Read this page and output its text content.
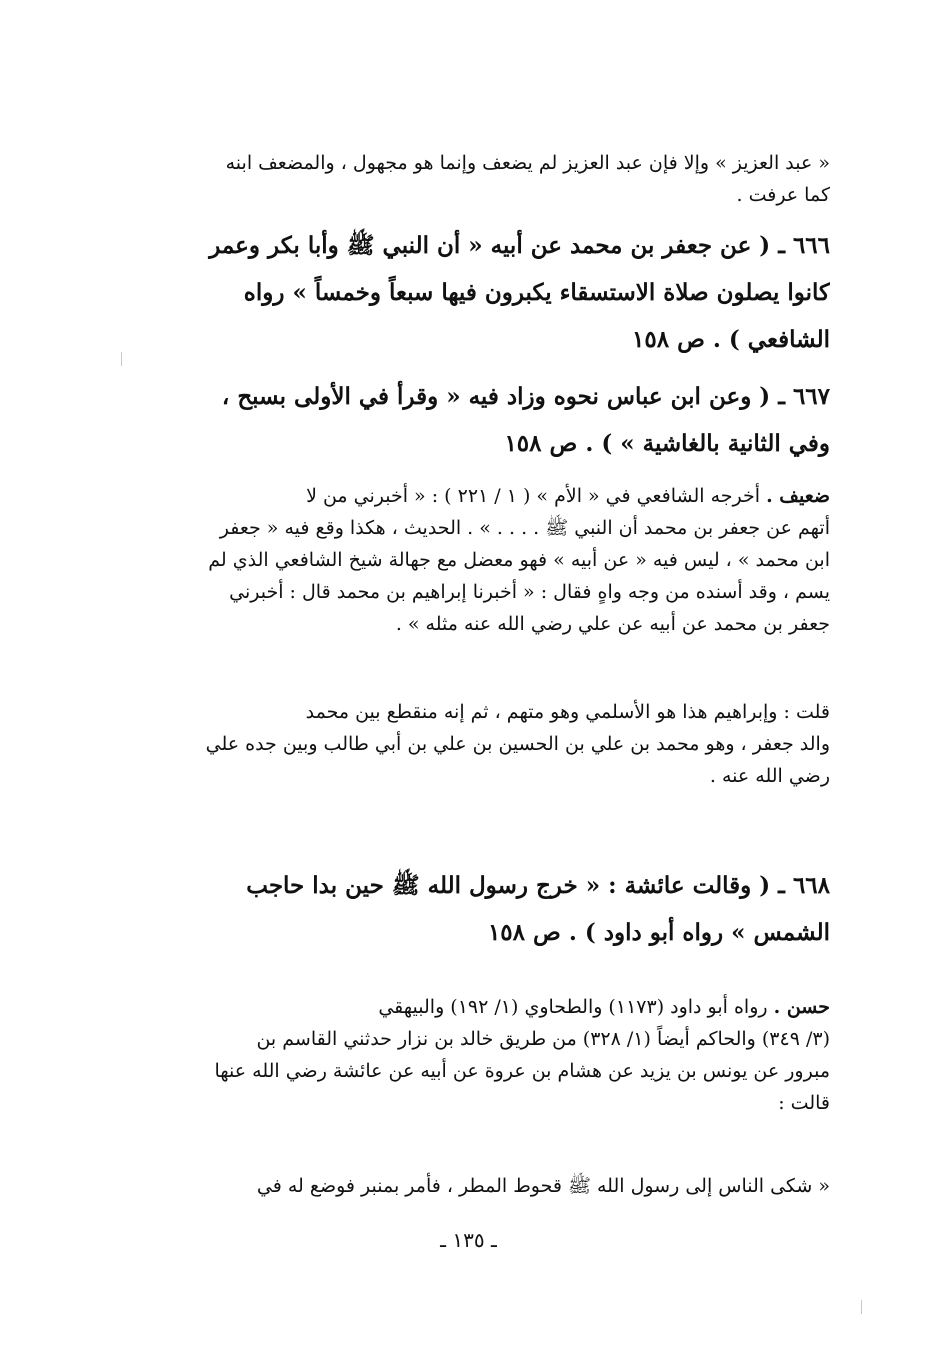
« عبد العزيز » وإلا فإن عبد العزيز لم يضعف وإنما هو مجهول ، والمضعف ابنه
كما عرفت .
٦٦٦ ـ ( عن جعفر بن محمد عن أبيه « أن النبي ﷺ وأبا بكر وعمر
كانوا يصلون صلاة الاستسقاء يكبرون فيها سبعاً وخمساً » رواه
الشافعي ) . ص ١٥٨
٦٦٧ ـ ( وعن ابن عباس نحوه وزاد فيه « وقرأ في الأولى بسبح ،
وفي الثانية بالغاشية » ) . ص ١٥٨
ضعيف . أخرجه الشافعي في « الأم » ( ١ / ٢٢١ ) : « أخبرني من لا
أتهم عن جعفر بن محمد أن النبي ﷺ . . . . » . الحديث ، هكذا وقع فيه « جعفر
ابن محمد » ، ليس فيه « عن أبيه » فهو معضل مع جهالة شيخ الشافعي الذي لم
يسم ، وقد أسنده من وجه واهٍ فقال : « أخبرنا إبراهيم بن محمد قال : أخبرني
جعفر بن محمد عن أبيه عن علي رضي الله عنه مثله » .
قلت : وإبراهيم هذا هو الأسلمي وهو متهم ، ثم إنه منقطع بين محمد
والد جعفر ، وهو محمد بن علي بن الحسين بن علي بن أبي طالب وبين جده علي
رضي الله عنه .
٦٦٨ ـ ( وقالت عائشة : « خرج رسول الله ﷺ حين بدا حاجب
الشمس » رواه أبو داود ) . ص ١٥٨
حسن . رواه أبو داود (١١٧٣) والطحاوي (١/ ١٩٢) والبيهقي
(٣/ ٣٤٩) والحاكم أيضاً (١/ ٣٢٨) من طريق خالد بن نزار حدثني القاسم بن
مبرور عن يونس بن يزيد عن هشام بن عروة عن أبيه عن عائشة رضي الله عنها
قالت :
« شكى الناس إلى رسول الله ﷺ قحوط المطر ، فأمر بمنبر فوضع له في
ـ ١٣٥ ـ
